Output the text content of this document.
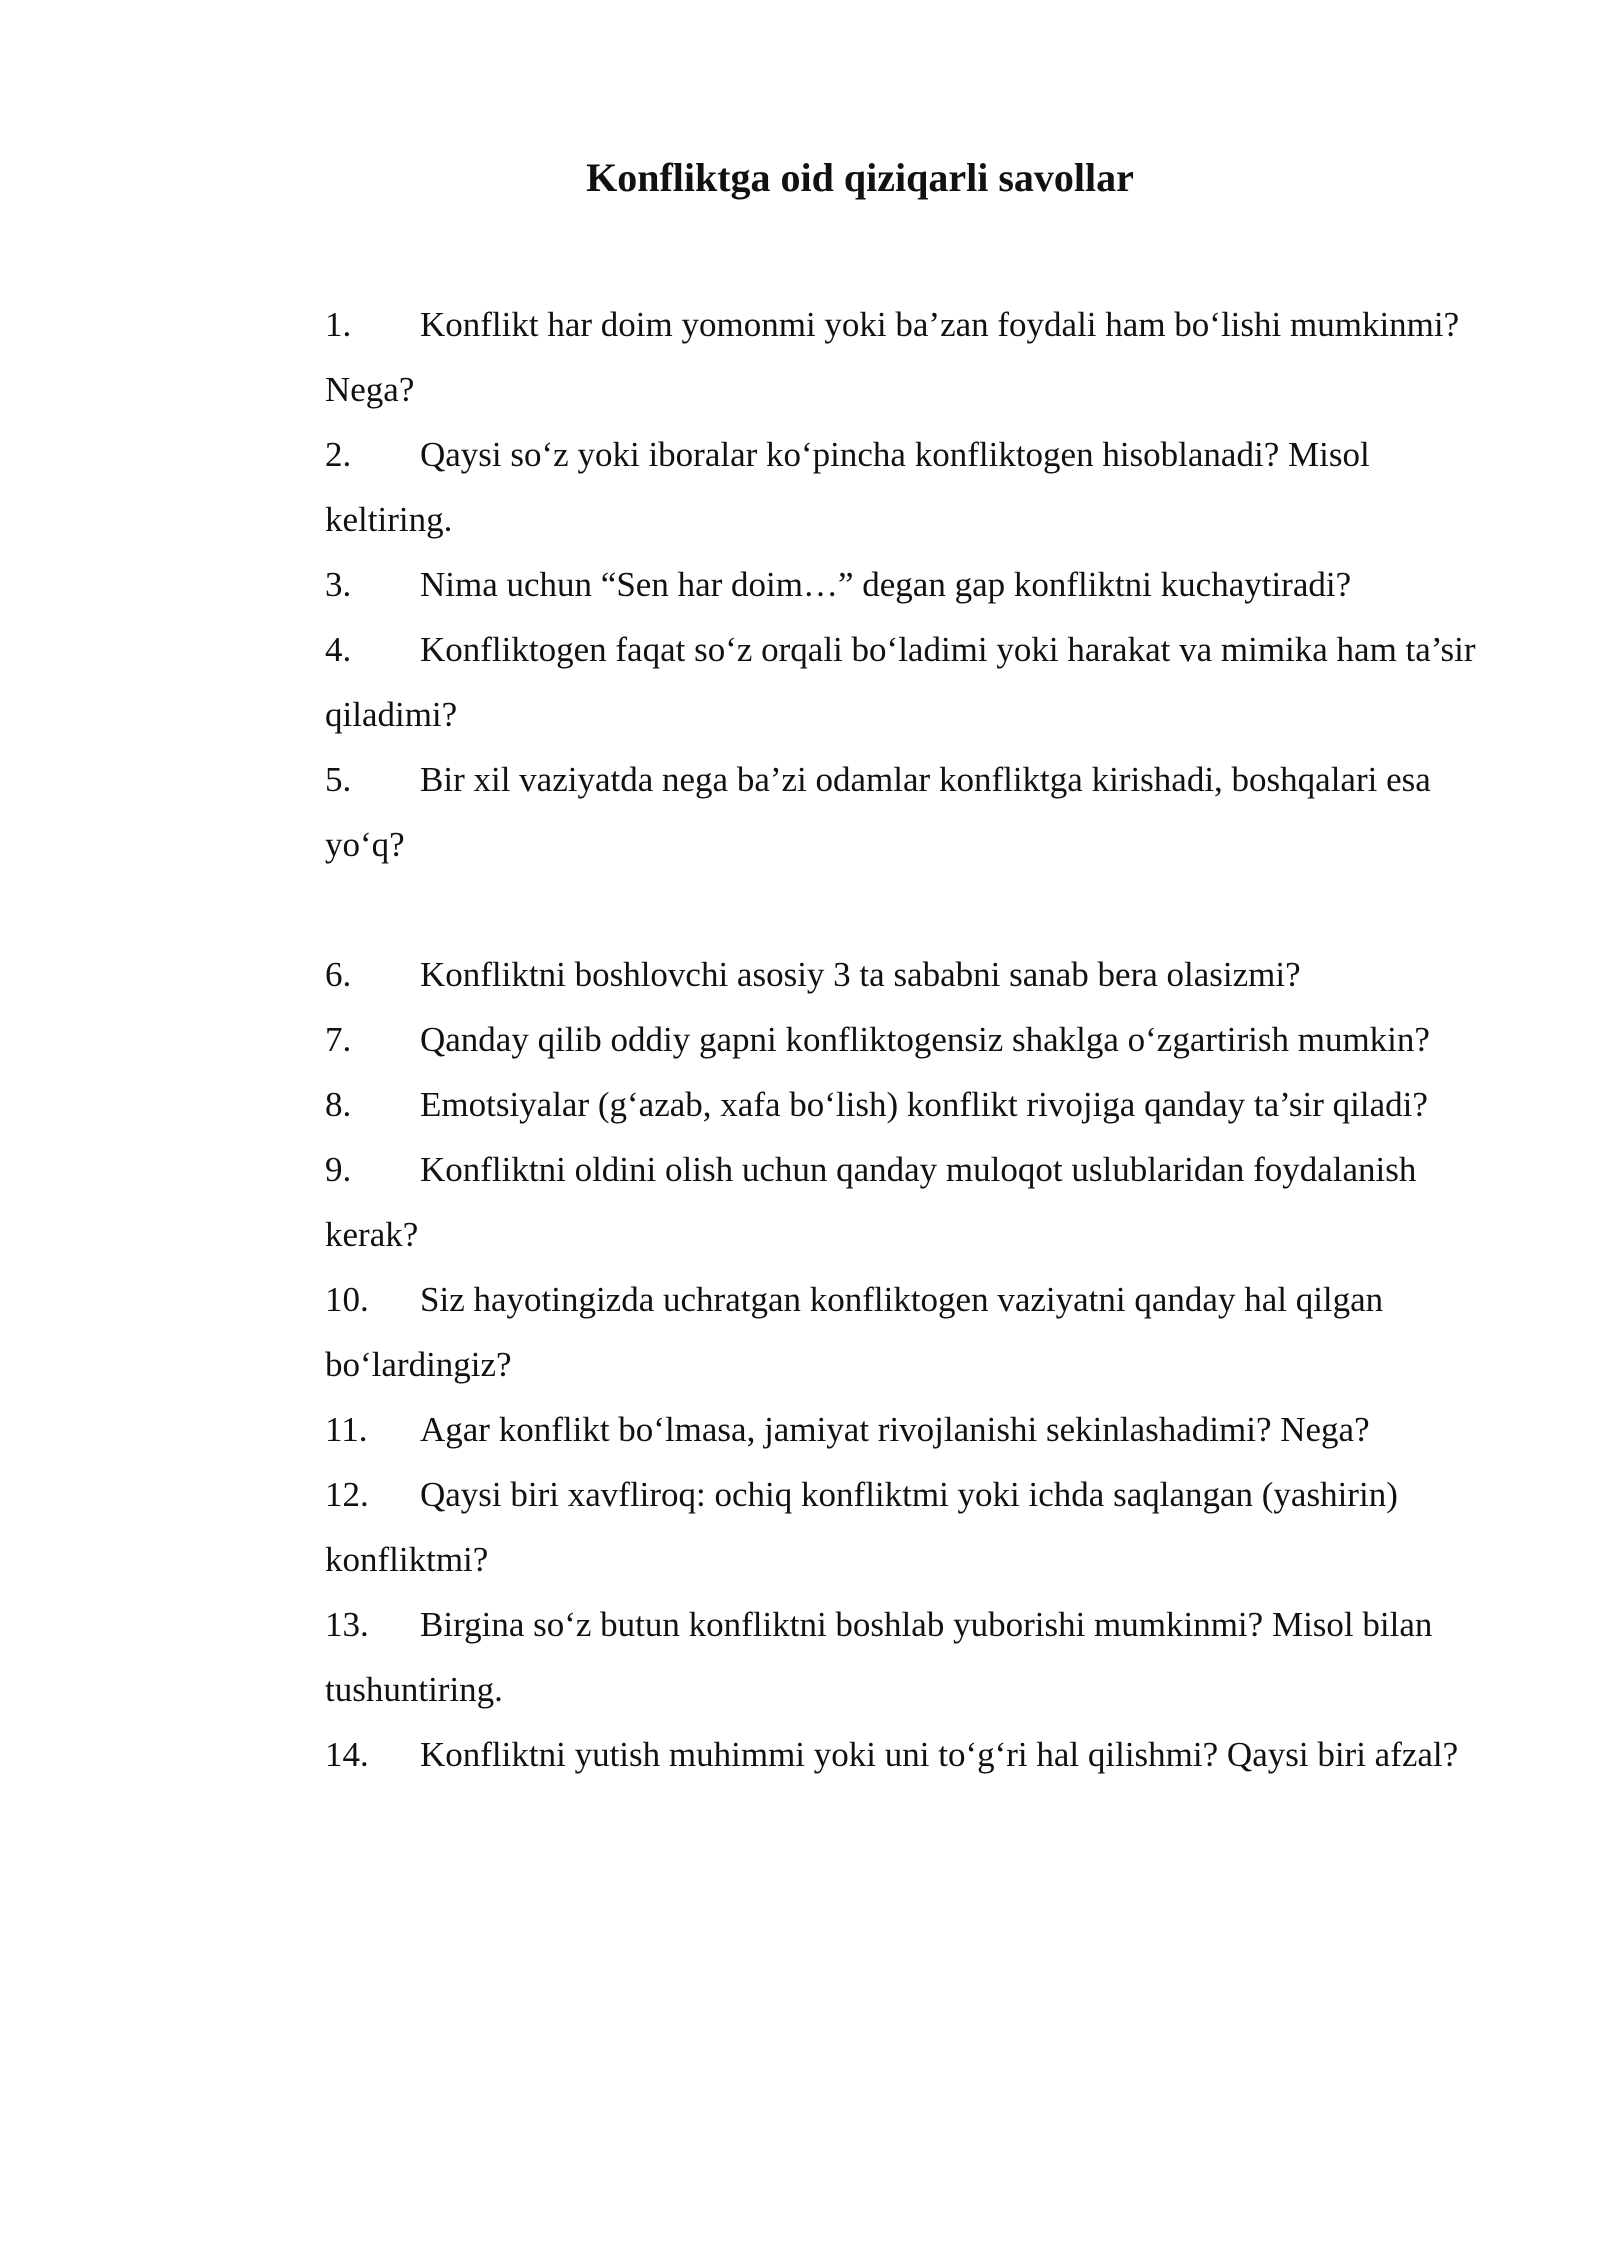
Konfliktga oid qiziqarli savollar
1. Konflikt har doim yomonmi yoki ba’zan foydali ham bo‘lishi mumkinmi? Nega?
2. Qaysi so‘z yoki iboralar ko‘pincha konfliktogen hisoblanadi? Misol keltiring.
3. Nima uchun “Sen har doim…” degan gap konfliktni kuchaytiradi?
4. Konfliktogen faqat so‘z orqali bo‘ladimi yoki harakat va mimika ham ta’sir qiladimi?
5. Bir xil vaziyatda nega ba’zi odamlar konfliktga kirishadi, boshqalari esa yo‘q?
6. Konfliktni boshlovchi asosiy 3 ta sababni sanab bera olasizmi?
7. Qanday qilib oddiy gapni konfliktogensiz shaklga o‘zgartirish mumkin?
8. Emotsiyalar (g‘azab, xafa bo‘lish) konflikt rivojiga qanday ta’sir qiladi?
9. Konfliktni oldini olish uchun qanday muloqot uslublaridan foydalanish kerak?
10. Siz hayotingizda uchratgan konfliktogen vaziyatni qanday hal qilgan bo‘lardingiz?
11. Agar konflikt bo‘lmasa, jamiyat rivojlanishi sekinlashadimi? Nega?
12. Qaysi biri xavfliroq: ochiq konfliktmi yoki ichda saqlangan (yashirin) konfliktmi?
13. Birgina so‘z butun konfliktni boshlab yuborishi mumkinmi? Misol bilan tushuntiring.
14. Konfliktni yutish muhimmi yoki uni to‘g‘ri hal qilishmi? Qaysi biri afzal?
